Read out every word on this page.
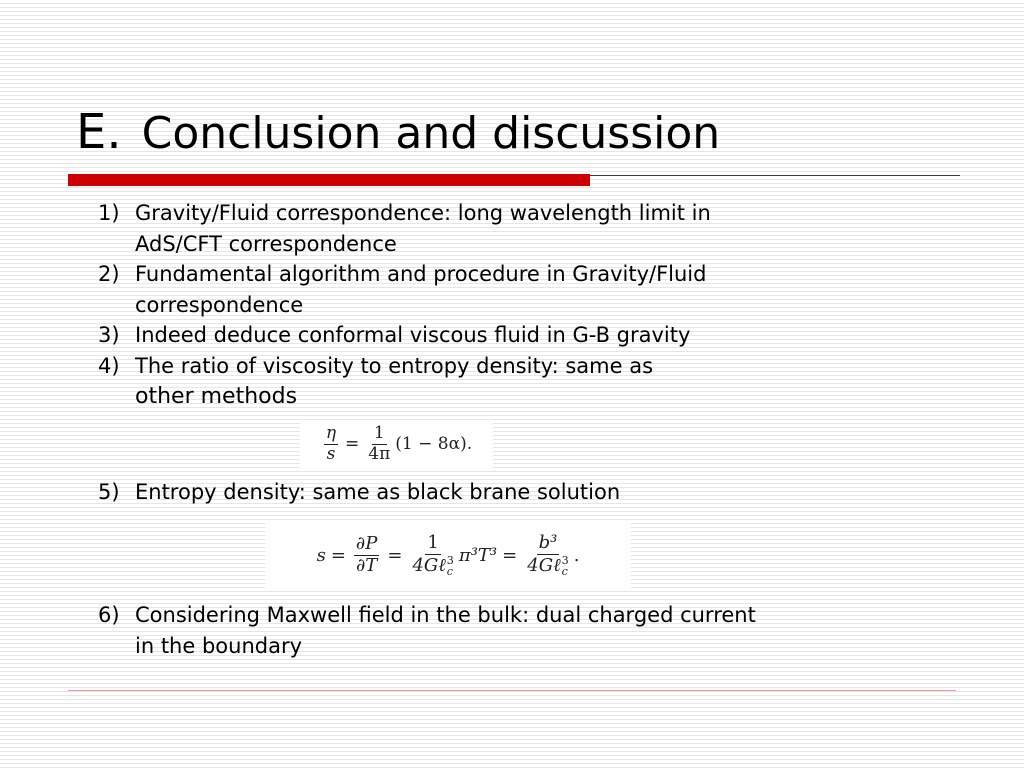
E. Conclusion and discussion
1) Gravity/Fluid correspondence: long wavelength limit in
AdS/CFT correspondence
2) Fundamental algorithm and procedure in Gravity/Fluid
correspondence
3) Indeed deduce conformal viscous fluid in G-B gravity
4) The ratio of viscosity to entropy density: same as
other methods
$\frac{\eta}{s} = \frac{1}{4\pi} (1 - 8\alpha)$.
5) Entropy density: same as black brane solution
$s = \frac{\partial P}{\partial T} = 1$
4Gℓ 3
c π³T³ = b³
4Gℓ 3
c .
6) Considering Maxwell field in the bulk: dual charged current
in the boundary
